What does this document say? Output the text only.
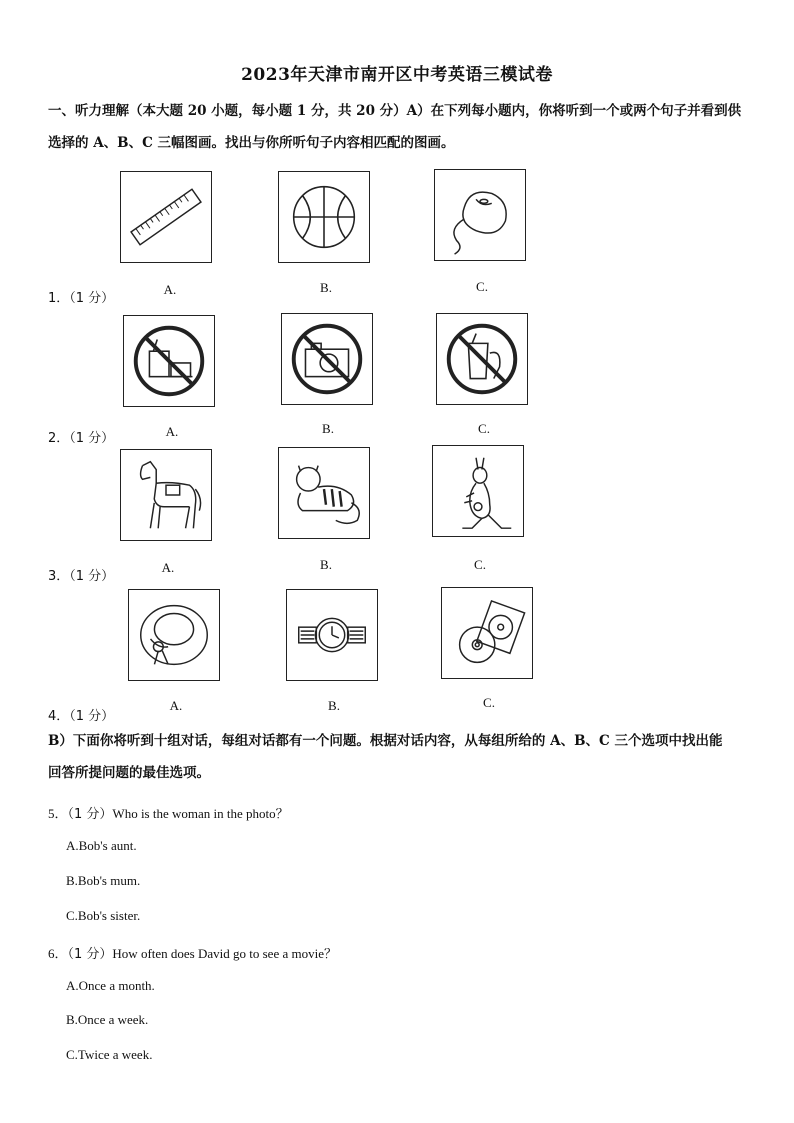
2023年天津市南开区中考英语三模试卷
一、听力理解（本大题 20 小题，每小题 1 分，共 20 分）A）在下列每小题内，你将听到一个或两个句子并看到供
选择的 A、B、C 三幅图画。找出与你所听句子内容相匹配的图画。
1．（1 分）
A.	B.	C.
2．（1 分）	A.	B.	C.
3．（1 分）
A.	B.	C.
4．（1 分）
A.	B.	C.
B）下面你将听到十组对话，每组对话都有一个问题。根据对话内容，从每组所给的 A、B、C 三个选项中找出能
回答所提问题的最佳选项。
5．（1 分）Who is the woman in the photo？
A.Bob's aunt.
B.Bob's mum.
C.Bob's sister.
6．（1 分）How often does David go to see a movie？
A.Once a month.
B.Once a week.
C.Twice a week.
